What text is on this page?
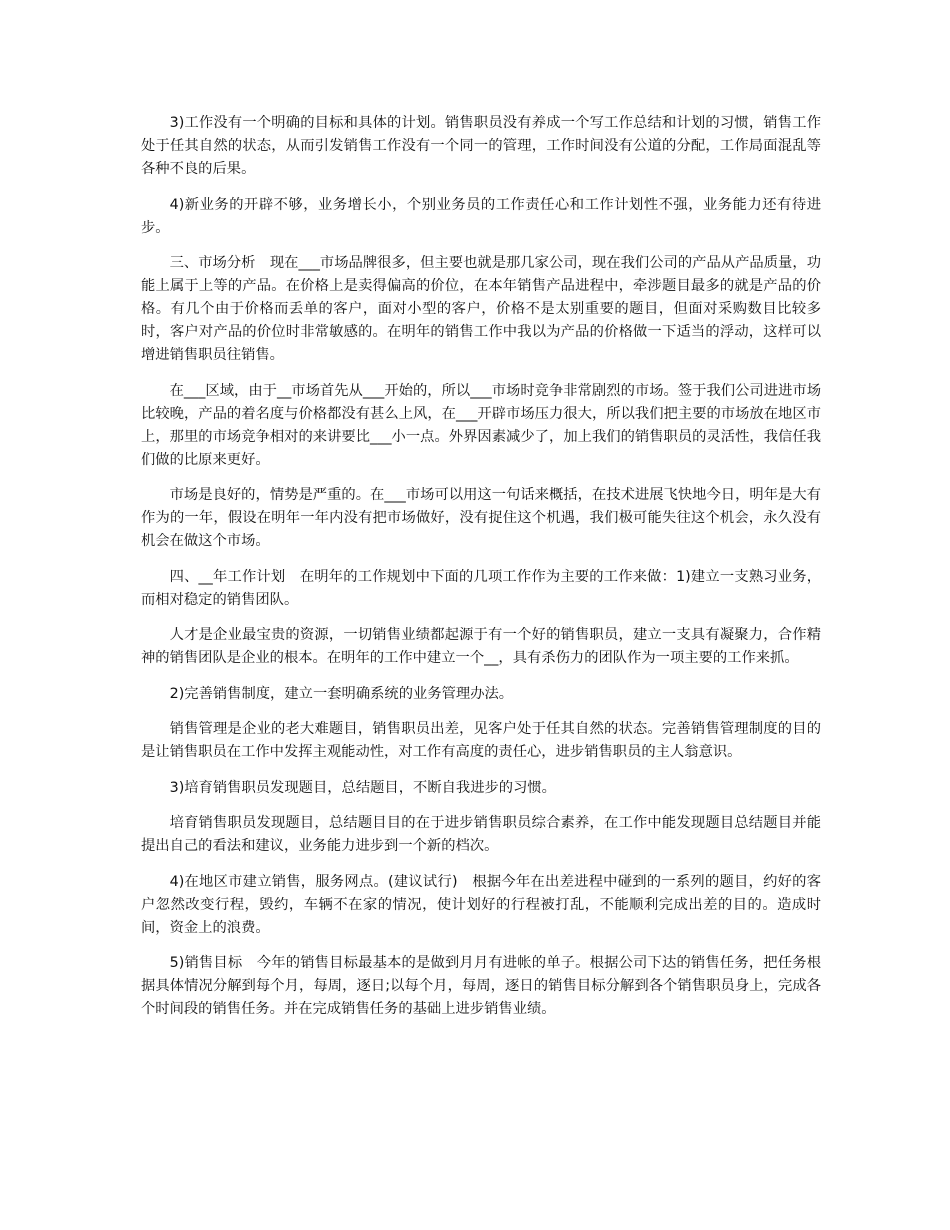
3)工作没有一个明确的目标和具体的计划。销售职员没有养成一个写工作总结和计划的习惯，销售工作处于任其自然的状态，从而引发销售工作没有一个同一的管理，工作时间没有公道的分配，工作局面混乱等各种不良的后果。

4)新业务的开辟不够，业务增长小，个别业务员的工作责任心和工作计划性不强，业务能力还有待进步。

三、市场分析　现在___市场品牌很多，但主要也就是那几家公司，现在我们公司的产品从产品质量，功能上属于上等的产品。在价格上是卖得偏高的价位，在本年销售产品进程中，牵涉题目最多的就是产品的价格。有几个由于价格而丢单的客户，面对小型的客户，价格不是太别重要的题目，但面对采购数目比较多时，客户对产品的价位时非常敏感的。在明年的销售工作中我以为产品的价格做一下适当的浮动，这样可以增进销售职员往销售。

在___区域，由于__市场首先从___开始的，所以___市场时竞争非常剧烈的市场。签于我们公司进进市场比较晚，产品的着名度与价格都没有甚么上风，在___开辟市场压力很大，所以我们把主要的市场放在地区市上，那里的市场竞争相对的来讲要比___小一点。外界因素减少了，加上我们的销售职员的灵活性，我信任我们做的比原来更好。

市场是良好的，情势是严重的。在___市场可以用这一句话来概括，在技术进展飞快地今日，明年是大有作为的一年，假设在明年一年内没有把市场做好，没有捉住这个机遇，我们极可能失往这个机会，永久没有机会在做这个市场。

四、__年工作计划　在明年的工作规划中下面的几项工作作为主要的工作来做：1)建立一支熟习业务，而相对稳定的销售团队。

人才是企业最宝贵的资源，一切销售业绩都起源于有一个好的销售职员，建立一支具有凝聚力，合作精神的销售团队是企业的根本。在明年的工作中建立一个__，具有杀伤力的团队作为一项主要的工作来抓。

2)完善销售制度，建立一套明确系统的业务管理办法。

销售管理是企业的老大难题目，销售职员出差，见客户处于任其自然的状态。完善销售管理制度的目的是让销售职员在工作中发挥主观能动性，对工作有高度的责任心，进步销售职员的主人翁意识。

3)培育销售职员发现题目，总结题目，不断自我进步的习惯。

培育销售职员发现题目，总结题目目的在于进步销售职员综合素养，在工作中能发现题目总结题目并能提出自己的看法和建议，业务能力进步到一个新的档次。

4)在地区市建立销售，服务网点。(建议试行)　根据今年在出差进程中碰到的一系列的题目，约好的客户忽然改变行程，毁约，车辆不在家的情况，使计划好的行程被打乱，不能顺利完成出差的目的。造成时间，资金上的浪费。

5)销售目标　今年的销售目标最基本的是做到月月有进帐的单子。根据公司下达的销售任务，把任务根据具体情况分解到每个月，每周，逐日;以每个月，每周，逐日的销售目标分解到各个销售职员身上，完成各个时间段的销售任务。并在完成销售任务的基础上进步销售业绩。
